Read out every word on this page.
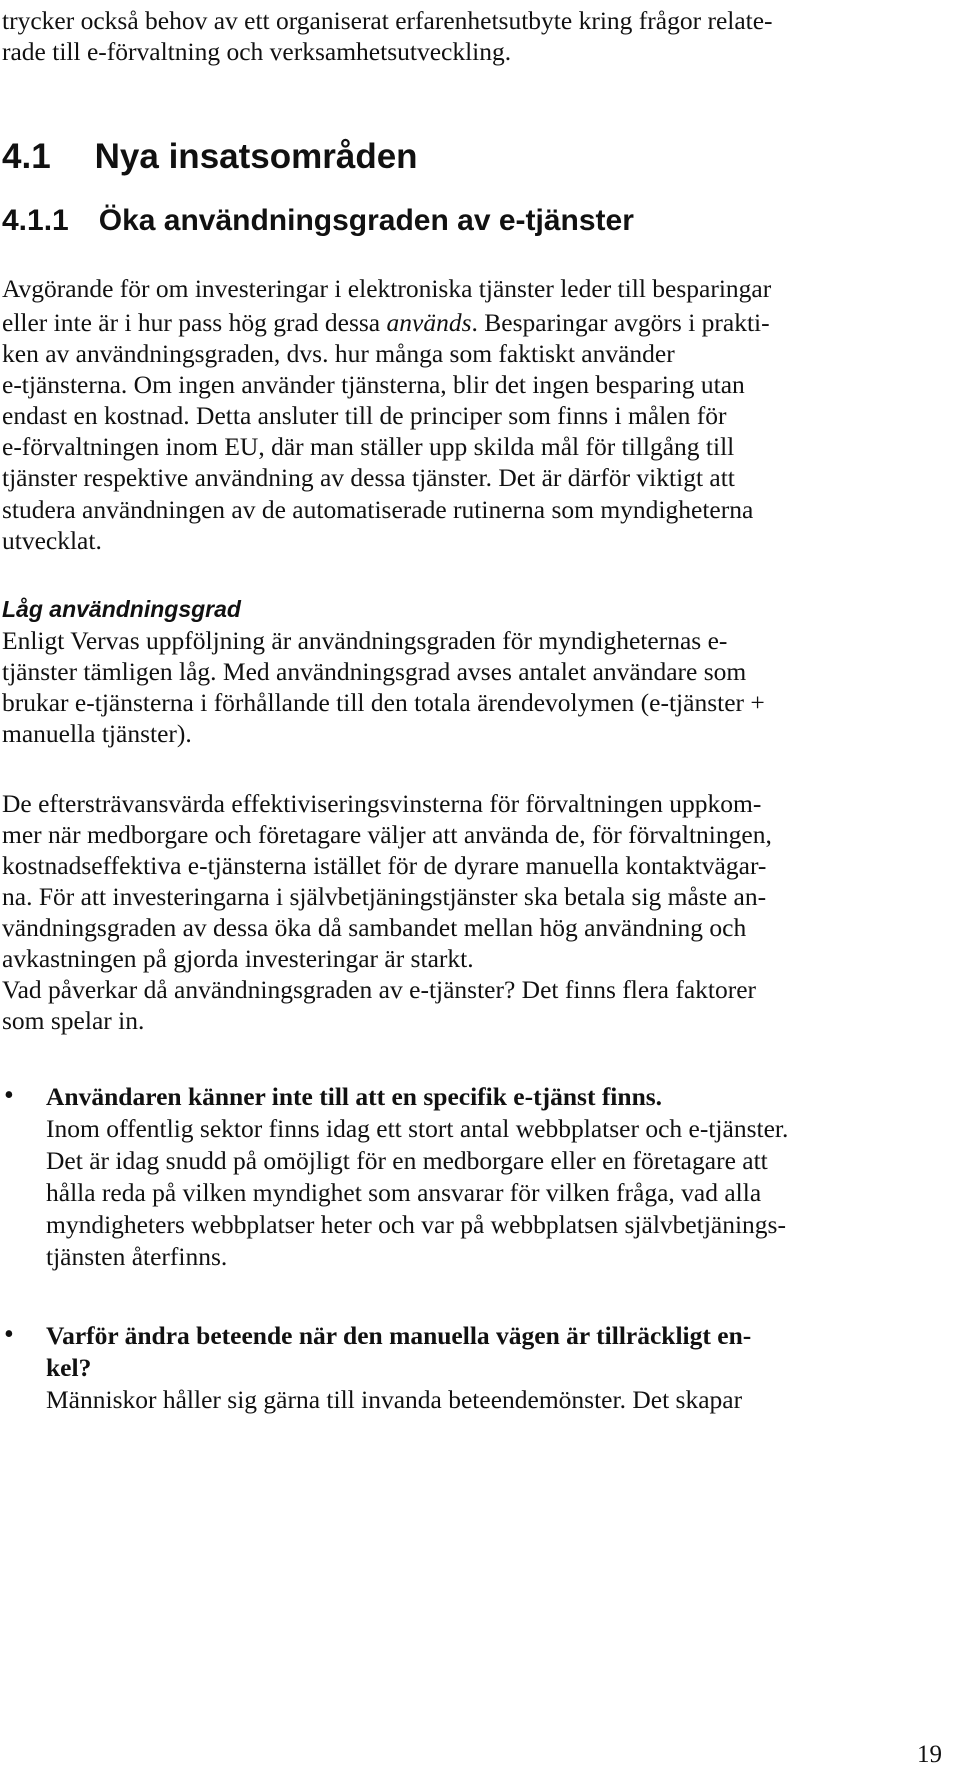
trycker också behov av ett organiserat erfarenhetsutbyte kring frågor relate-

rade till e-förvaltning och verksamhetsutveckling.

4.1 Nya insatsområden
4.1.1 Öka användningsgraden av e-tjänster

Avgörande för om investeringar i elektroniska tjänster leder till besparingar

eller inte är i hur pass hög grad dessa används. Besparingar avgörs i prakti-

ken av användningsgraden, dvs. hur många som faktiskt använder

e-tjänsterna. Om ingen använder tjänsterna, blir det ingen besparing utan

endast en kostnad. Detta ansluter till de principer som finns i målen för

e-förvaltningen inom EU, där man ställer upp skilda mål för tillgång till

tjänster respektive användning av dessa tjänster. Det är därför viktigt att

studera användningen av de automatiserade rutinerna som myndigheterna

utvecklat.

Låg användningsgrad

Enligt Vervas uppföljning är användningsgraden för myndigheternas e-

tjänster tämligen låg. Med användningsgrad avses antalet användare som

brukar e-tjänsterna i förhållande till den totala ärendevolymen (e-tjänster +

manuella tjänster).

De eftersträvansvärda effektiviseringsvinsterna för förvaltningen uppkom-

mer när medborgare och företagare väljer att använda de, för förvaltningen,

kostnadseffektiva e-tjänsterna istället för de dyrare manuella kontaktvägar-

na. För att investeringarna i självbetjäningstjänster ska betala sig måste an-

vändningsgraden av dessa öka då sambandet mellan hög användning och

avkastningen på gjorda investeringar är starkt.

Vad påverkar då användningsgraden av e-tjänster? Det finns flera faktorer

som spelar in.

• Användaren känner inte till att en specifik e-tjänst finns.

Inom offentlig sektor finns idag ett stort antal webbplatser och e-tjänster.

Det är idag snudd på omöjligt för en medborgare eller en företagare att

hålla reda på vilken myndighet som ansvarar för vilken fråga, vad alla

myndigheters webbplatser heter och var på webbplatsen självbetjänings-

tjänsten återfinns.

• Varför ändra beteende när den manuella vägen är tillräckligt en-

kel?

Människor håller sig gärna till invanda beteendemönster. Det skapar

19
